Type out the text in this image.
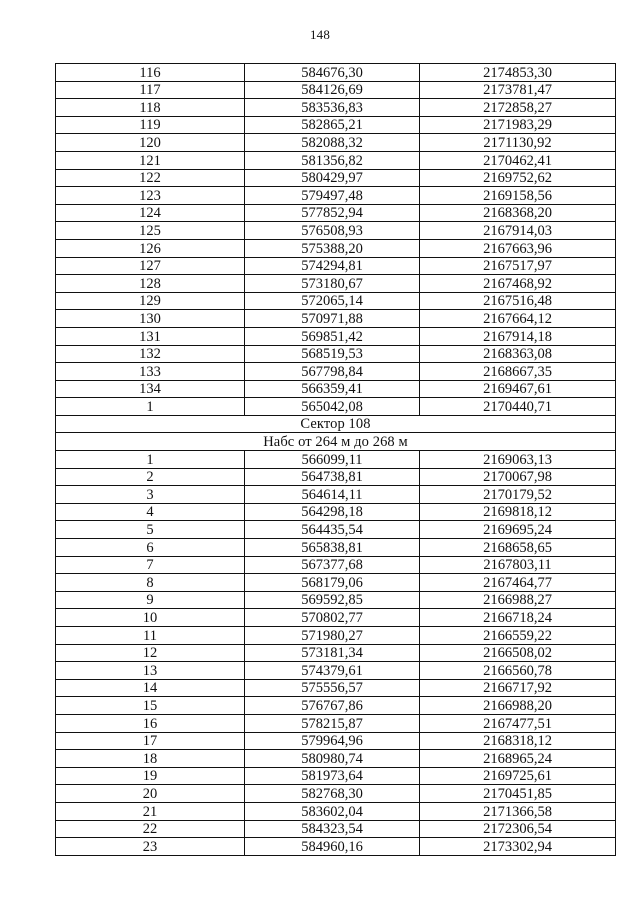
148
116	584676,30	2174853,30
117	584126,69	2173781,47
118	583536,83	2172858,27
119	582865,21	2171983,29
120	582088,32	2171130,92
121	581356,82	2170462,41
122	580429,97	2169752,62
123	579497,48	2169158,56
124	577852,94	2168368,20
125	576508,93	2167914,03
126	575388,20	2167663,96
127	574294,81	2167517,97
128	573180,67	2167468,92
129	572065,14	2167516,48
130	570971,88	2167664,12
131	569851,42	2167914,18
132	568519,53	2168363,08
133	567798,84	2168667,35
134	566359,41	2169467,61
1	565042,08	2170440,71
Сектор 108		
Набс от 264 м до 268 м		
1	566099,11	2169063,13
2	564738,81	2170067,98
3	564614,11	2170179,52
4	564298,18	2169818,12
5	564435,54	2169695,24
6	565838,81	2168658,65
7	567377,68	2167803,11
8	568179,06	2167464,77
9	569592,85	2166988,27
10	570802,77	2166718,24
11	571980,27	2166559,22
12	573181,34	2166508,02
13	574379,61	2166560,78
14	575556,57	2166717,92
15	576767,86	2166988,20
16	578215,87	2167477,51
17	579964,96	2168318,12
18	580980,74	2168965,24
19	581973,64	2169725,61
20	582768,30	2170451,85
21	583602,04	2171366,58
22	584323,54	2172306,54
23	584960,16	2173302,94
